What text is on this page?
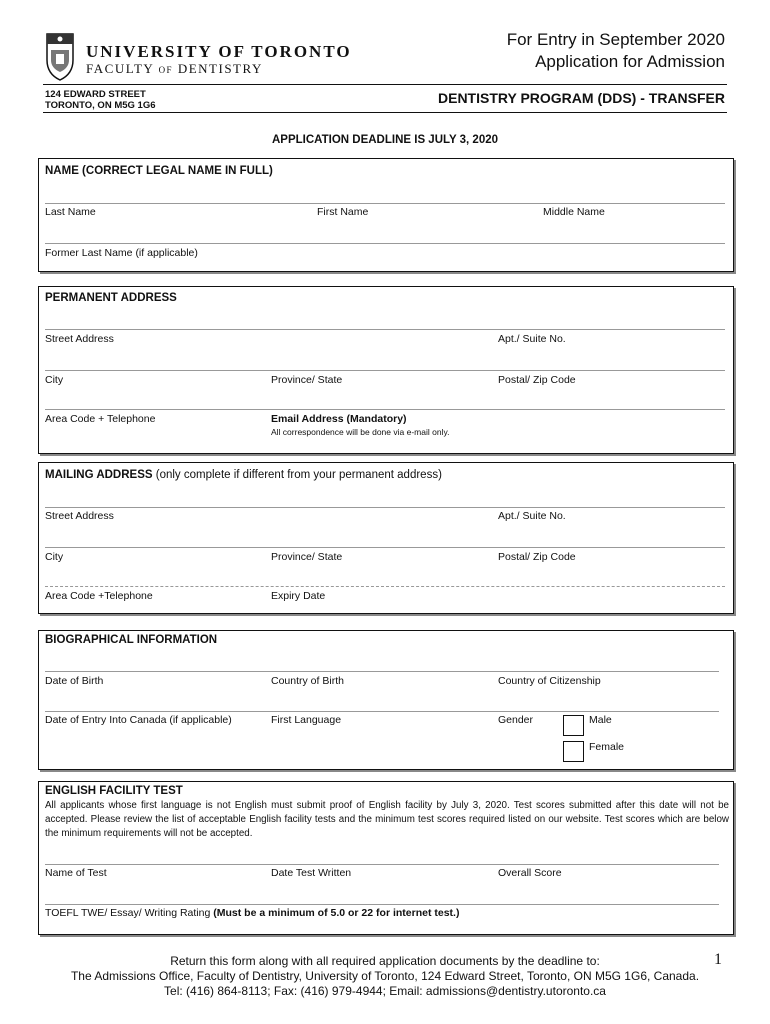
UNIVERSITY OF TORONTO
FACULTY OF DENTISTRY
For Entry in September 2020
Application for Admission
124 EDWARD STREET
TORONTO, ON M5G 1G6	DENTISTRY PROGRAM (DDS) - TRANSFER
APPLICATION DEADLINE IS JULY 3, 2020
NAME (CORRECT LEGAL NAME IN FULL)
Last Name	First Name	Middle Name
Former Last Name (if applicable)
PERMANENT ADDRESS
Street Address	Apt./ Suite No.
City	Province/ State	Postal/ Zip Code
Area Code + Telephone	Email Address (Mandatory)
All correspondence will be done via e-mail only.
MAILING ADDRESS (only complete if different from your permanent address)
Street Address	Apt./ Suite No.
City	Province/ State	Postal/ Zip Code
Area Code +Telephone	Expiry Date
BIOGRAPHICAL INFORMATION
Date of Birth	Country of Birth	Country of Citizenship
Date of Entry Into Canada (if applicable)	First Language	Gender	Male
Female
ENGLISH FACILITY TEST
All applicants whose first language is not English must submit proof of English facility by July 3, 2020. Test scores submitted after this date will not be accepted. Please review the list of acceptable English facility tests and the minimum test scores required listed on our website. Test scores which are below the minimum requirements will not be accepted.
Name of Test	Date Test Written	Overall Score
TOEFL TWE/ Essay/ Writing Rating (Must be a minimum of 5.0 or 22 for internet test.)
Return this form along with all required application documents by the deadline to:
The Admissions Office, Faculty of Dentistry, University of Toronto, 124 Edward Street, Toronto, ON M5G 1G6, Canada.
Tel: (416) 864-8113; Fax: (416) 979-4944; Email: admissions@dentistry.utoronto.ca
1
